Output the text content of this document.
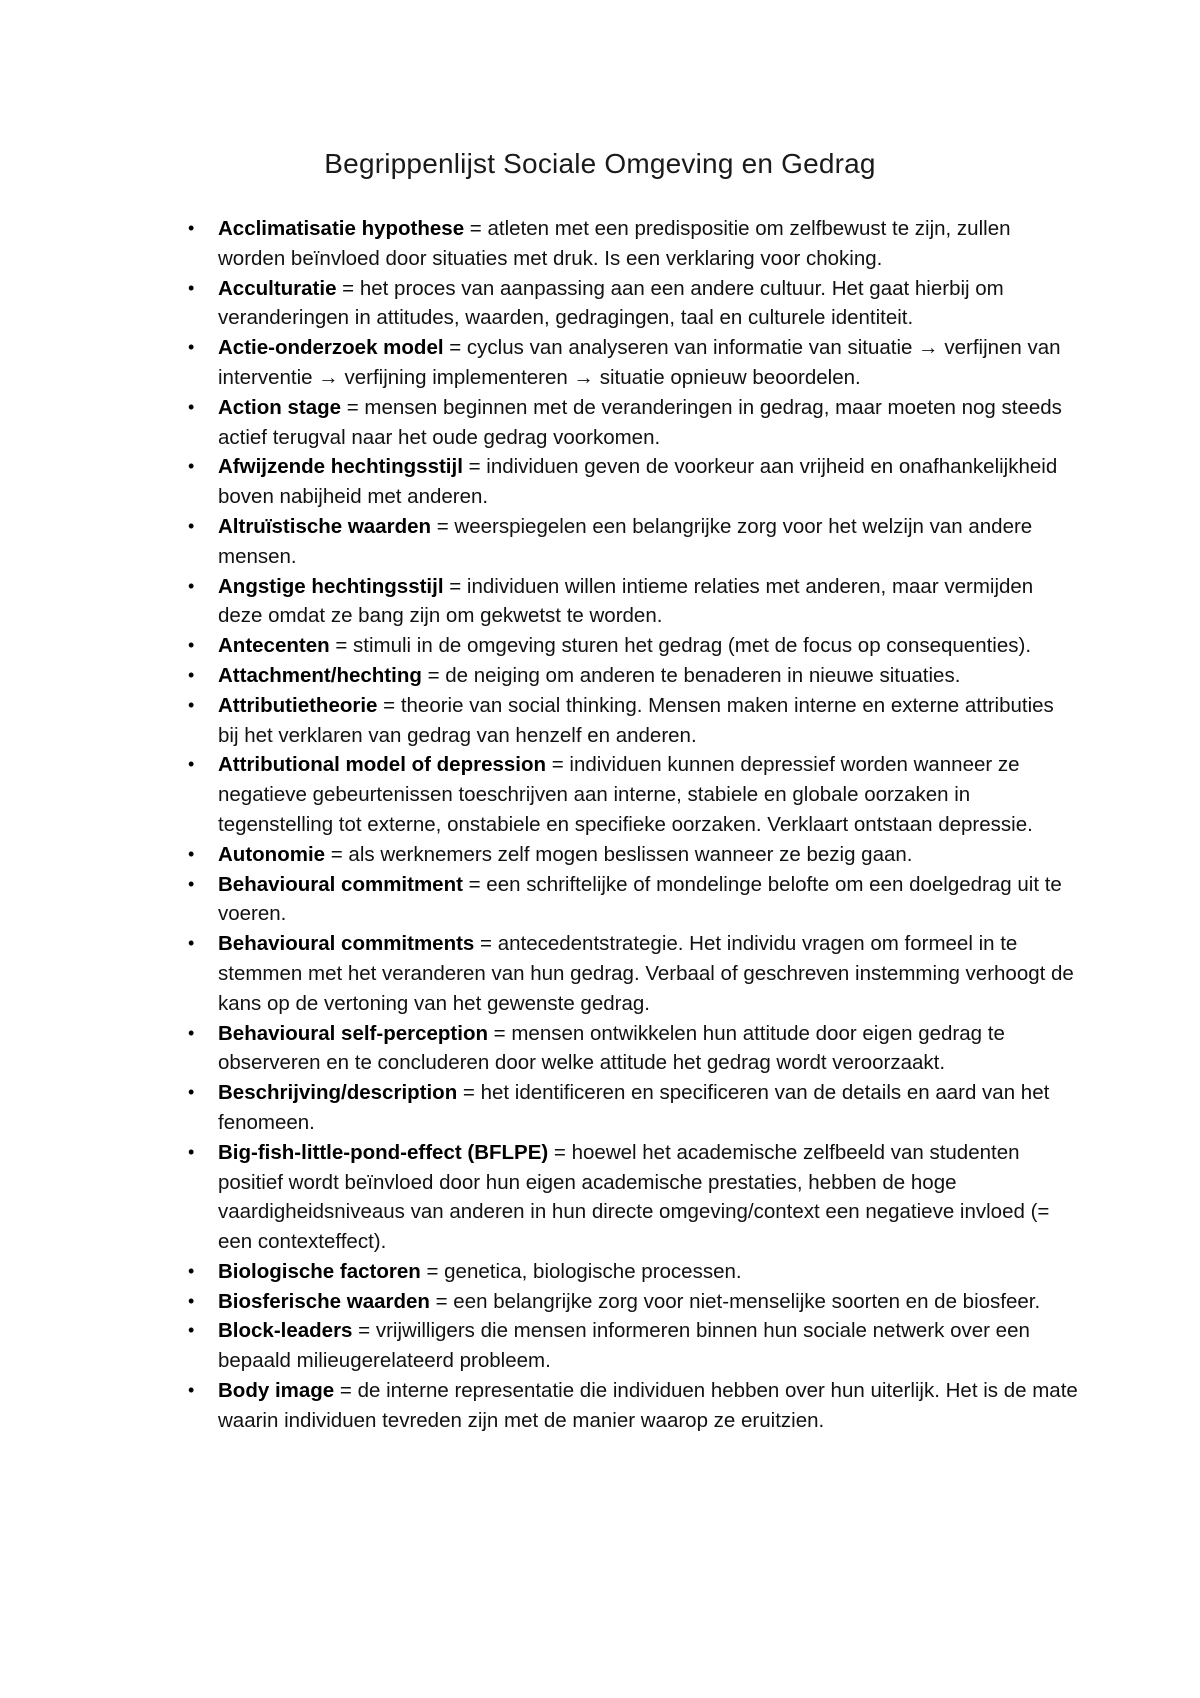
Begrippenlijst Sociale Omgeving en Gedrag
• Acclimatisatie hypothese = atleten met een predispositie om zelfbewust te zijn, zullen worden beïnvloed door situaties met druk. Is een verklaring voor choking.
• Acculturatie = het proces van aanpassing aan een andere cultuur. Het gaat hierbij om veranderingen in attitudes, waarden, gedragingen, taal en culturele identiteit.
• Actie-onderzoek model = cyclus van analyseren van informatie van situatie → verfijnen van interventie → verfijning implementeren → situatie opnieuw beoordelen.
• Action stage = mensen beginnen met de veranderingen in gedrag, maar moeten nog steeds actief terugval naar het oude gedrag voorkomen.
• Afwijzende hechtingsstijl = individuen geven de voorkeur aan vrijheid en onafhankelijkheid boven nabijheid met anderen.
• Altruïstische waarden = weerspiegelen een belangrijke zorg voor het welzijn van andere mensen.
• Angstige hechtingsstijl = individuen willen intieme relaties met anderen, maar vermijden deze omdat ze bang zijn om gekwetst te worden.
• Antecenten = stimuli in de omgeving sturen het gedrag (met de focus op consequenties).
• Attachment/hechting = de neiging om anderen te benaderen in nieuwe situaties.
• Attributietheorie = theorie van social thinking. Mensen maken interne en externe attributies bij het verklaren van gedrag van henzelf en anderen.
• Attributional model of depression = individuen kunnen depressief worden wanneer ze negatieve gebeurtenissen toeschrijven aan interne, stabiele en globale oorzaken in tegenstelling tot externe, onstabiele en specifieke oorzaken. Verklaart ontstaan depressie.
• Autonomie = als werknemers zelf mogen beslissen wanneer ze bezig gaan.
• Behavioural commitment = een schriftelijke of mondelinge belofte om een doelgedrag uit te voeren.
• Behavioural commitments = antecedentstrategie. Het individu vragen om formeel in te stemmen met het veranderen van hun gedrag. Verbaal of geschreven instemming verhoogt de kans op de vertoning van het gewenste gedrag.
• Behavioural self-perception = mensen ontwikkelen hun attitude door eigen gedrag te observeren en te concluderen door welke attitude het gedrag wordt veroorzaakt.
• Beschrijving/description = het identificeren en specificeren van de details en aard van het fenomeen.
• Big-fish-little-pond-effect (BFLPE) = hoewel het academische zelfbeeld van studenten positief wordt beïnvloed door hun eigen academische prestaties, hebben de hoge vaardigheidsniveaus van anderen in hun directe omgeving/context een negatieve invloed (= een contexteffect).
• Biologische factoren = genetica, biologische processen.
• Biosferische waarden = een belangrijke zorg voor niet-menselijke soorten en de biosfeer.
• Block-leaders = vrijwilligers die mensen informeren binnen hun sociale netwerk over een bepaald milieugerelateerd probleem.
• Body image = de interne representatie die individuen hebben over hun uiterlijk. Het is de mate waarin individuen tevreden zijn met de manier waarop ze eruitzien.
